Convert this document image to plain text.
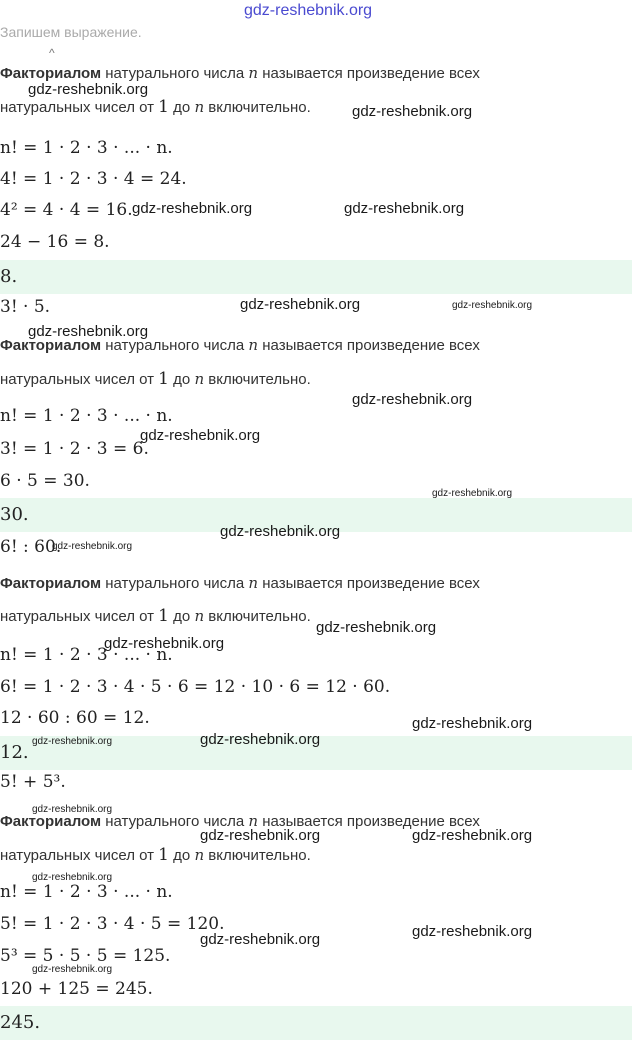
gdz-reshebnik.org
Запишем выражение.
^
Факториалом натурального числа n называется произведение всех
натуральных чисел от 1 до n включительно.
n! = 1 · 2 · 3 · ... · n.
4! = 1 · 2 · 3 · 4 = 24.
4² = 4 · 4 = 16.
24 − 16 = 8.
8.
3! · 5.
Факториалом натурального числа n называется произведение всех
натуральных чисел от 1 до n включительно.
n! = 1 · 2 · 3 · ... · n.
3! = 1 · 2 · 3 = 6.
6 · 5 = 30.
30.
6! : 60.
Факториалом натурального числа n называется произведение всех
натуральных чисел от 1 до n включительно.
n! = 1 · 2 · 3 · ... · n.
6! = 1 · 2 · 3 · 4 · 5 · 6 = 12 · 10 · 6 = 12 · 60.
12 · 60 : 60 = 12.
12.
5! + 5³.
Факториалом натурального числа n называется произведение всех
натуральных чисел от 1 до n включительно.
n! = 1 · 2 · 3 · ... · n.
5! = 1 · 2 · 3 · 4 · 5 = 120.
5³ = 5 · 5 · 5 = 125.
120 + 125 = 245.
245.
gdz-reshebnik.org
gdz-reshebnik.org
gdz-reshebnik.org	gdz-reshebnik.org
gdz-reshebnik.org	gdz-reshebnik.org
gdz-reshebnik.org
gdz-reshebnik.org
gdz-reshebnik.org
gdz-reshebnik.org
gdz-reshebnik.org
gdz-reshebnik.org
gdz-reshebnik.org
gdz-reshebnik.org
gdz-reshebnik.org
gdz-reshebnik.org
gdz-reshebnik.org
gdz-reshebnik.org
gdz-reshebnik.org	gdz-reshebnik.org
gdz-reshebnik.org
gdz-reshebnik.org
gdz-reshebnik.org
gdz-reshebnik.org
